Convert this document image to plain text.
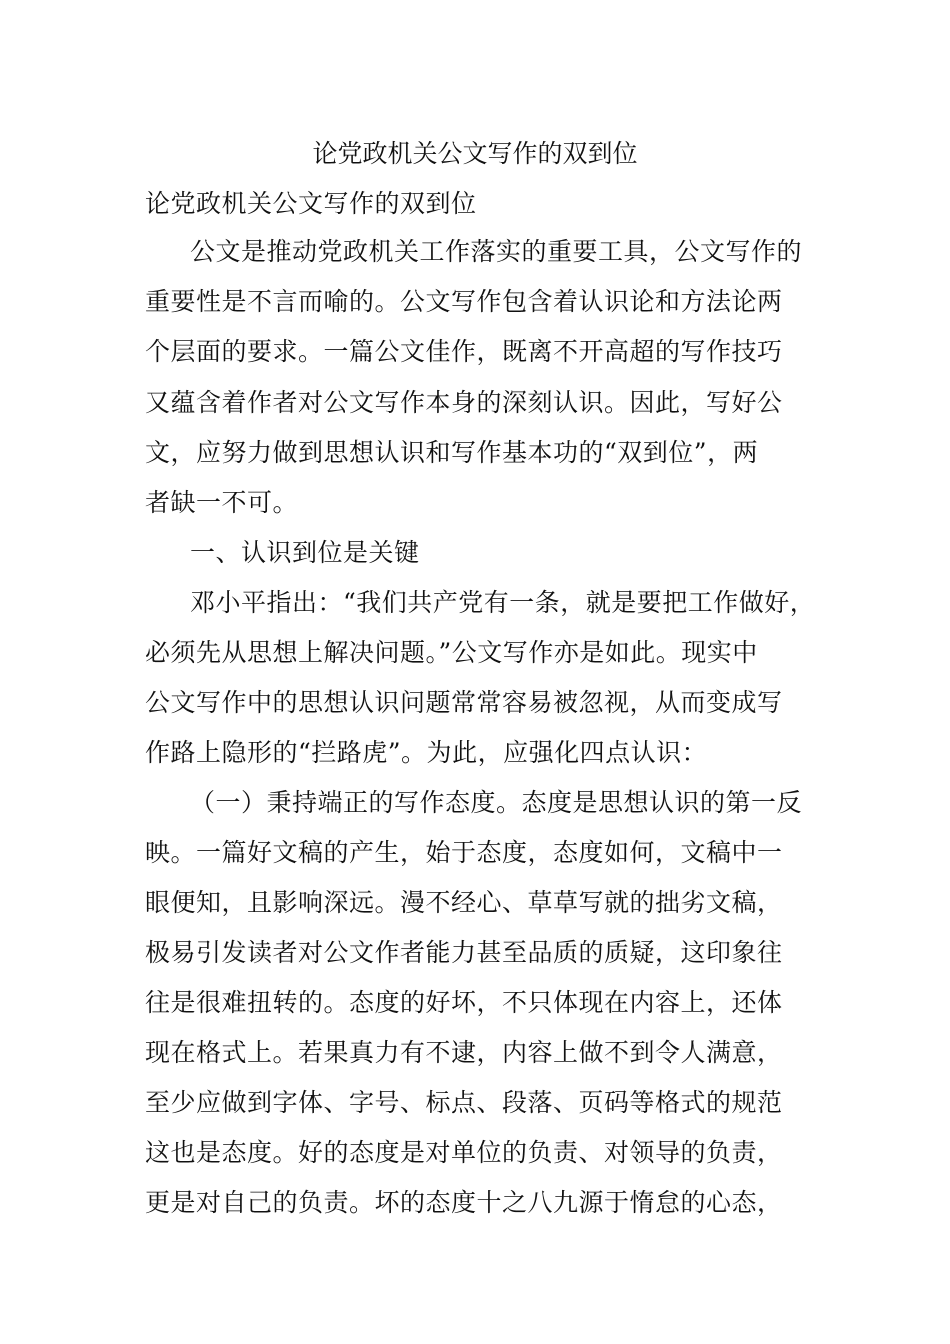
论党政机关公文写作的双到位
论党政机关公文写作的双到位
公文是推动党政机关工作落实的重要工具，公文写作的
重要性是不言而喻的。公文写作包含着认识论和方法论两
个层面的要求。一篇公文佳作，既离不开高超的写作技巧
又蕴含着作者对公文写作本身的深刻认识。因此，写好公
文，应努力做到思想认识和写作基本功的“双到位”，两
者缺一不可。
一、认识到位是关键
邓小平指出：“我们共产党有一条，就是要把工作做好，
必须先从思想上解决问题。”公文写作亦是如此。现实中
公文写作中的思想认识问题常常容易被忽视，从而变成写
作路上隐形的“拦路虎”。为此，应强化四点认识：
（一）秉持端正的写作态度。态度是思想认识的第一反
映。一篇好文稿的产生，始于态度，态度如何，文稿中一
眼便知，且影响深远。漫不经心、草草写就的拙劣文稿，
极易引发读者对公文作者能力甚至品质的质疑，这印象往
往是很难扭转的。态度的好坏，不只体现在内容上，还体
现在格式上。若果真力有不逮，内容上做不到令人满意，
至少应做到字体、字号、标点、段落、页码等格式的规范
这也是态度。好的态度是对单位的负责、对领导的负责，
更是对自己的负责。坏的态度十之八九源于惰怠的心态，
